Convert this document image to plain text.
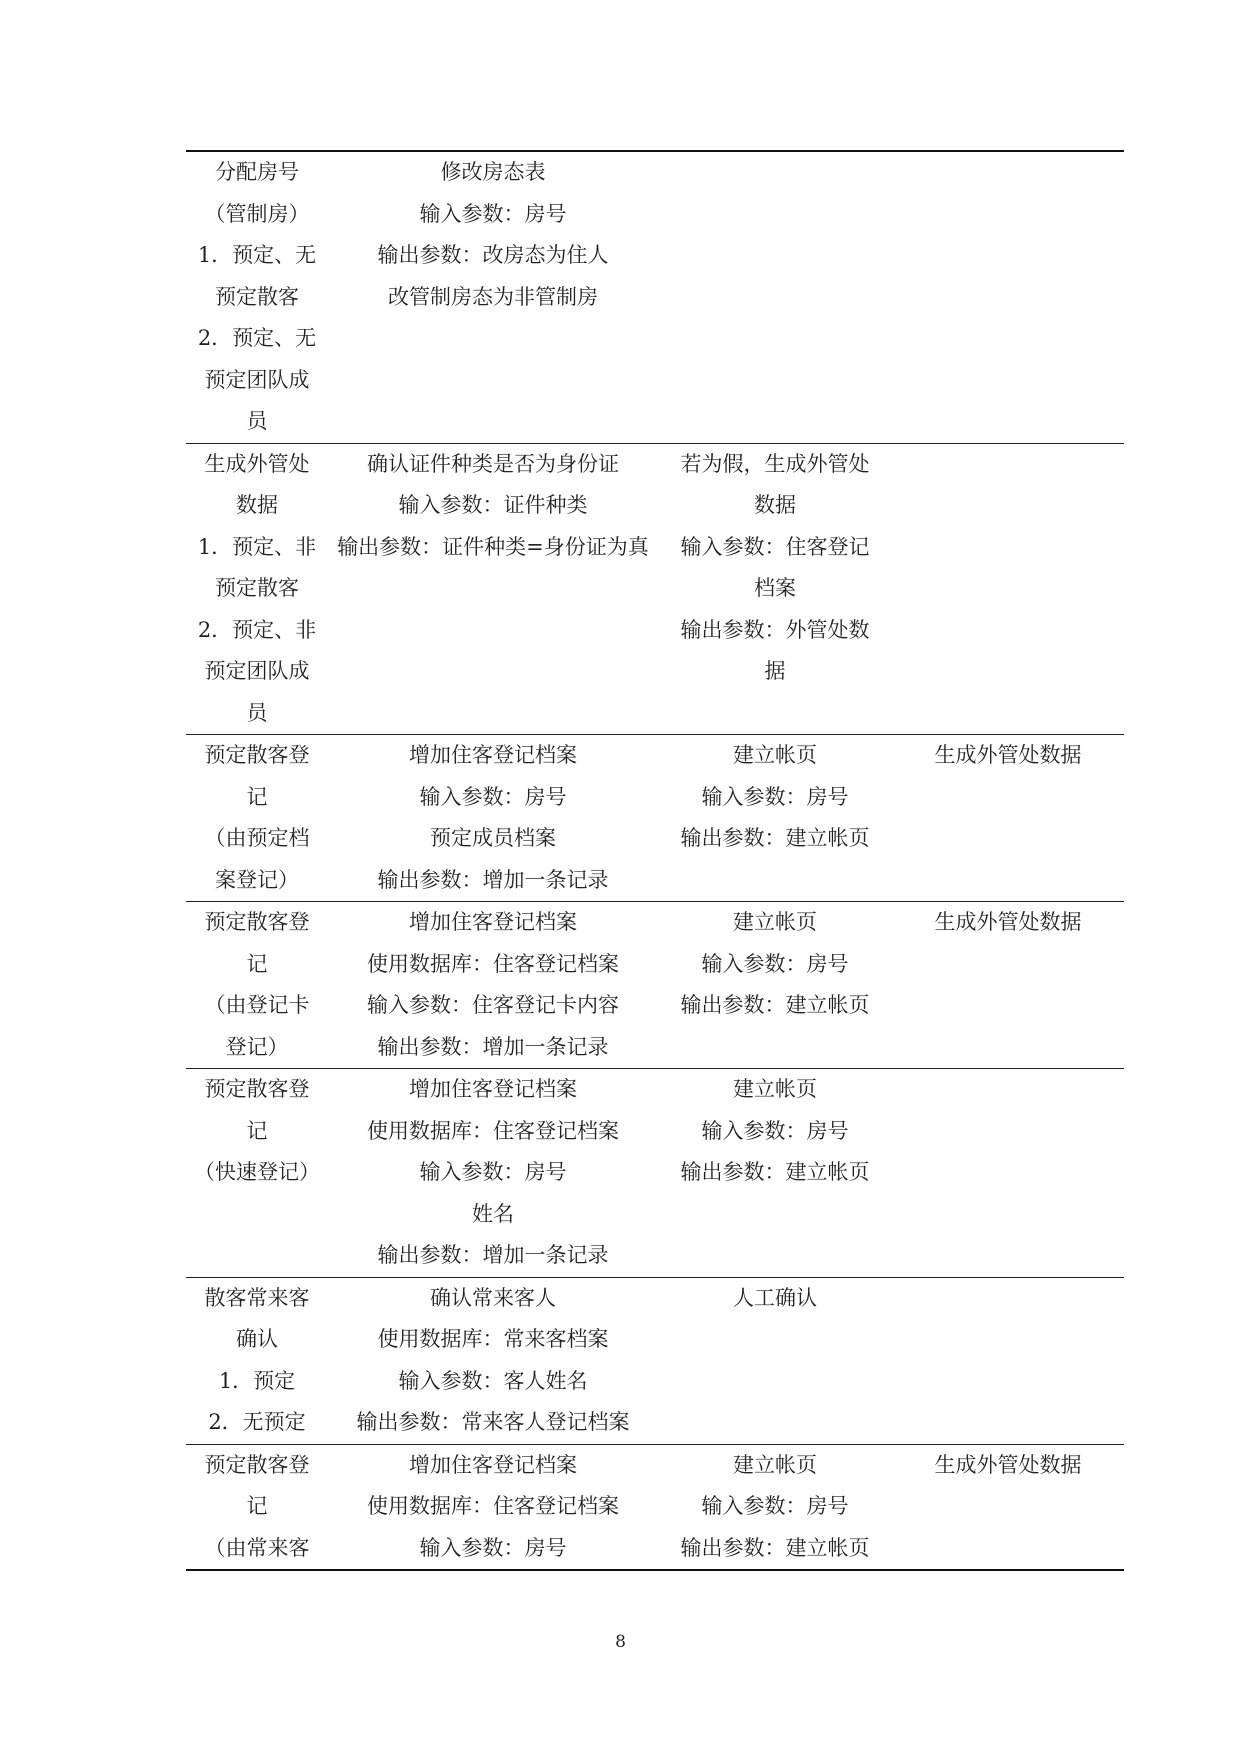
分配房号
（管制房）
1．预定、无
预定散客
2．预定、无
预定团队成
员
修改房态表
输入参数：房号
输出参数：改房态为住人
改管制房态为非管制房
生成外管处
数据
1．预定、非
预定散客
2．预定、非
预定团队成
员
确认证件种类是否为身份证
输入参数：证件种类
输出参数：证件种类=身份证为真
若为假，生成外管处
数据
输入参数：住客登记
档案
输出参数：外管处数
据
预定散客登
记
（由预定档
案登记）
增加住客登记档案
输入参数：房号
预定成员档案
输出参数：增加一条记录
建立帐页
输入参数：房号
输出参数：建立帐页
生成外管处数据
预定散客登
记
（由登记卡
登记）
增加住客登记档案
使用数据库：住客登记档案
输入参数：住客登记卡内容
输出参数：增加一条记录
建立帐页
输入参数：房号
输出参数：建立帐页
生成外管处数据
预定散客登
记
（快速登记）
增加住客登记档案
使用数据库：住客登记档案
输入参数：房号
姓名
输出参数：增加一条记录
建立帐页
输入参数：房号
输出参数：建立帐页
散客常来客
确认
1．预定
2．无预定
确认常来客人
使用数据库：常来客档案
输入参数：客人姓名
输出参数：常来客人登记档案
人工确认
预定散客登
记
（由常来客
增加住客登记档案
使用数据库：住客登记档案
输入参数：房号
建立帐页
输入参数：房号
输出参数：建立帐页
生成外管处数据
8
